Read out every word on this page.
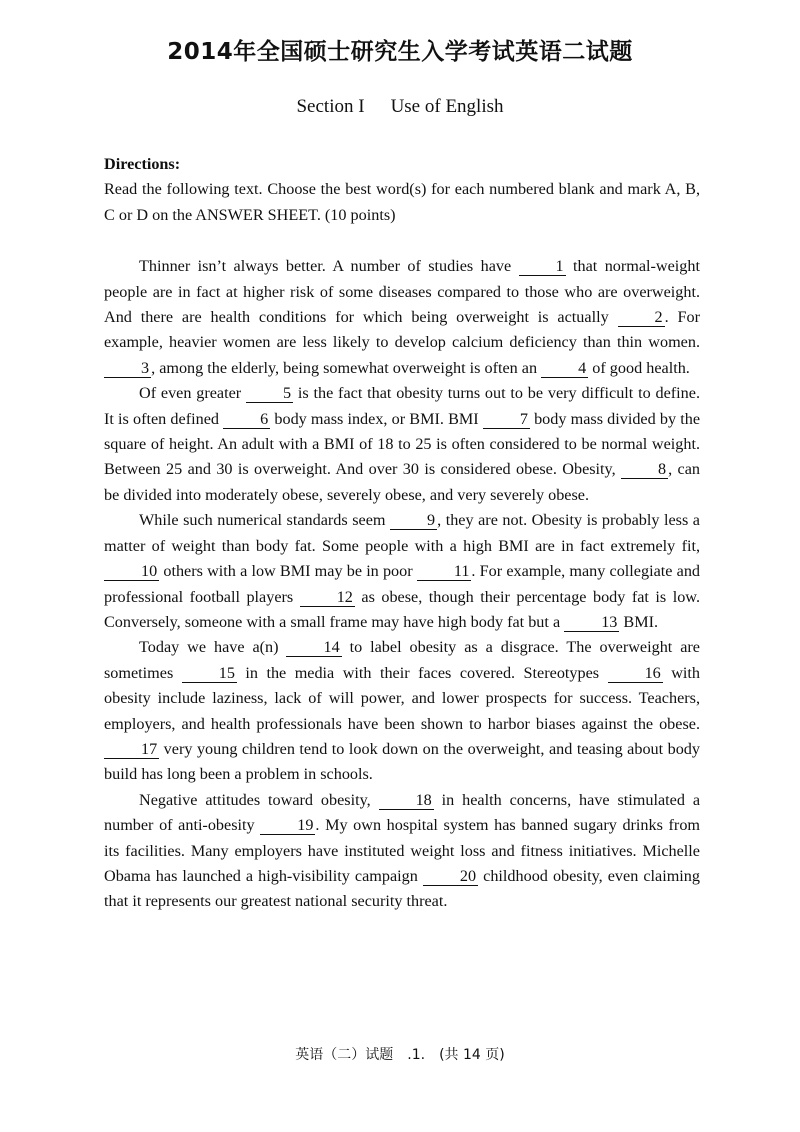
2014年全国硕士研究生入学考试英语二试题
Section I Use of English
Directions:

Read the following text. Choose the best word(s) for each numbered blank and mark A, B, C or D on the ANSWER SHEET. (10 points)

Thinner isn’t always better. A number of studies have 1 that normal-weight people are in fact at higher risk of some diseases compared to those who are overweight. And there are health conditions for which being overweight is actually 2 . For example, heavier women are less likely to develop calcium deficiency than thin women. 3 , among the elderly, being somewhat overweight is often an 4 of good health.

Of even greater 5 is the fact that obesity turns out to be very difficult to define. It is often defined 6 body mass index, or BMI. BMI 7 body mass divided by the square of height. An adult with a BMI of 18 to 25 is often considered to be normal weight. Between 25 and 30 is overweight. And over 30 is considered obese. Obesity, 8 , can be divided into moderately obese, severely obese, and very severely obese.

While such numerical standards seem 9 , they are not. Obesity is probably less a matter of weight than body fat. Some people with a high BMI are in fact extremely fit, 10 others with a low BMI may be in poor 11 . For example, many collegiate and professional football players 12 as obese, though their percentage body fat is low. Conversely, someone with a small frame may have high body fat but a 13 BMI.

Today we have a(n) 14 to label obesity as a disgrace. The overweight are sometimes 15 in the media with their faces covered. Stereotypes 16 with obesity include laziness, lack of will power, and lower prospects for success. Teachers, employers, and health professionals have been shown to harbor biases against the obese. 17 very young children tend to look down on the overweight, and teasing about body build has long been a problem in schools.

Negative attitudes toward obesity, 18 in health concerns, have stimulated a number of anti-obesity 19 . My own hospital system has banned sugary drinks from its facilities. Many employers have instituted weight loss and fitness initiatives. Michelle Obama has launched a high-visibility campaign 20 childhood obesity, even claiming that it represents our greatest national security threat.

英语（二）试题　.1.　(共 14 页)
